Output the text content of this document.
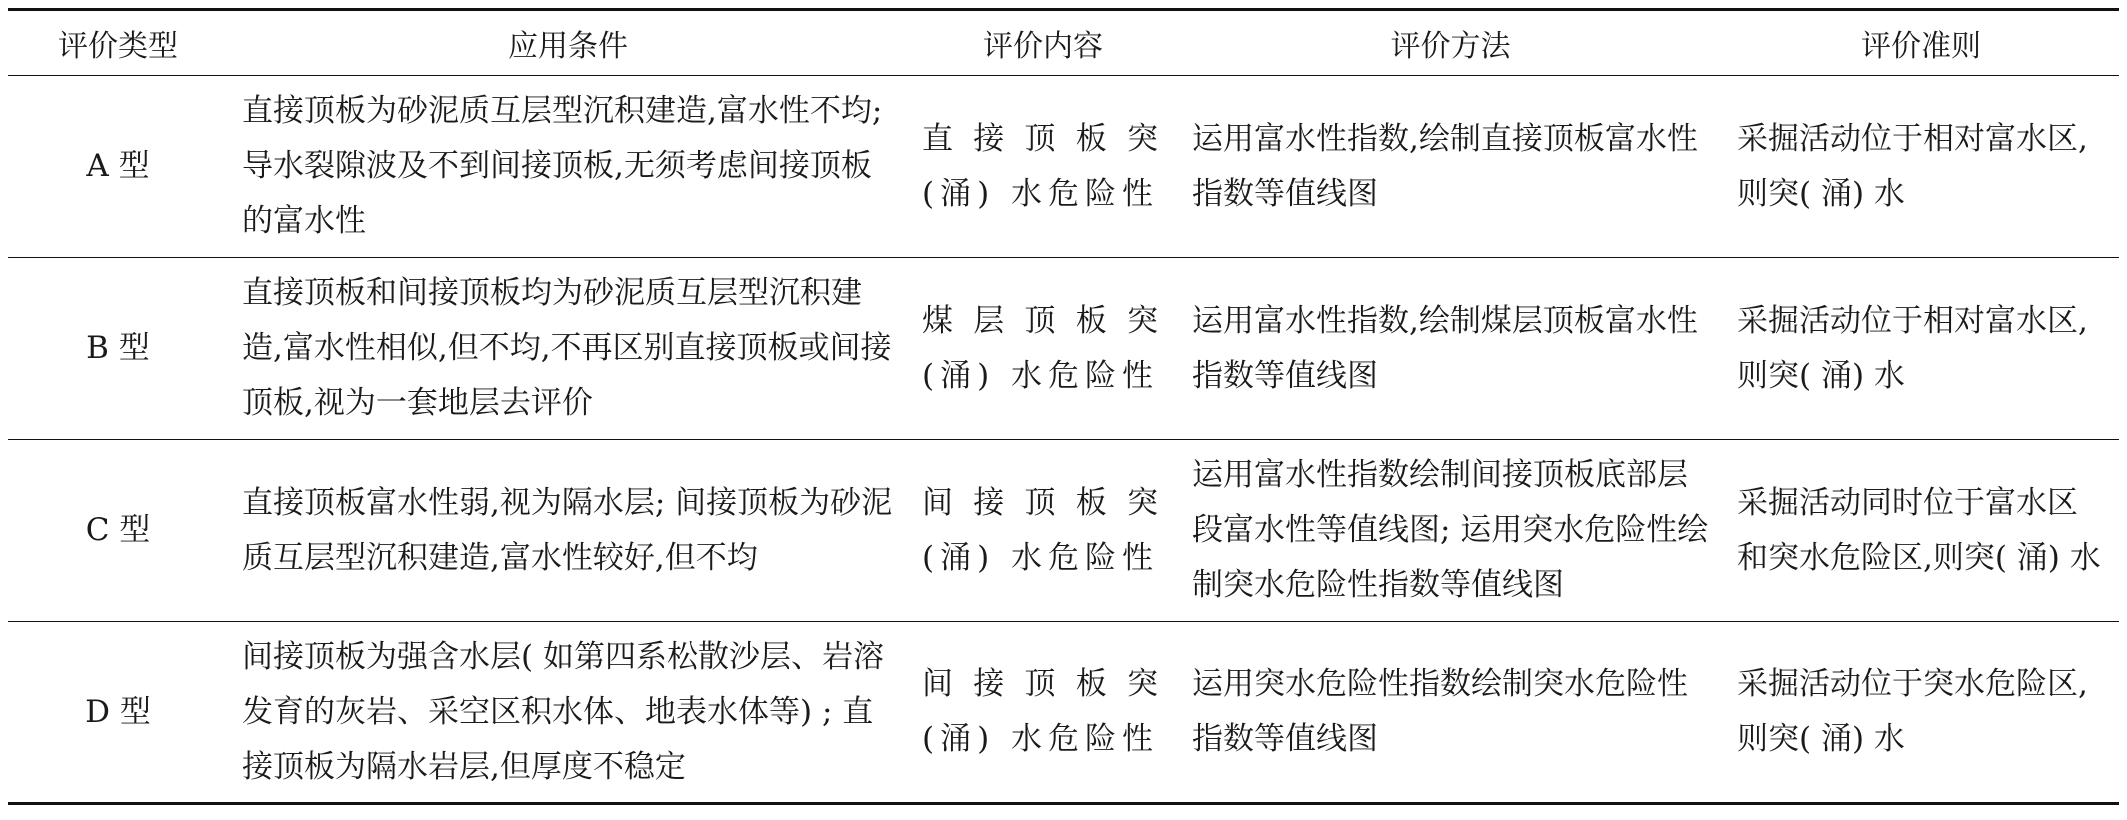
评价类型	应用条件	评价内容	评价方法	评价准则
A 型	直接顶板为砂泥质互层型沉积建造,富水性不均; 导水裂隙波及不到间接顶板,无须考虑间接顶板的富水性	直接顶板突(涌) 水危险性	运用富水性指数,绘制直接顶板富水性指数等值线图	采掘活动位于相对富水区,则突( 涌) 水
B 型	直接顶板和间接顶板均为砂泥质互层型沉积建造,富水性相似,但不均,不再区别直接顶板或间接顶板,视为一套地层去评价	煤层顶板突(涌) 水危险性	运用富水性指数,绘制煤层顶板富水性指数等值线图	采掘活动位于相对富水区,则突( 涌) 水
C 型	直接顶板富水性弱,视为隔水层; 间接顶板为砂泥质互层型沉积建造,富水性较好,但不均	间接顶板突(涌) 水危险性	运用富水性指数绘制间接顶板底部层段富水性等值线图; 运用突水危险性绘制突水危险性指数等值线图	采掘活动同时位于富水区和突水危险区,则突( 涌) 水
D 型	间接顶板为强含水层( 如第四系松散沙层、岩溶发育的灰岩、采空区积水体、地表水体等) ; 直接顶板为隔水岩层,但厚度不稳定	间接顶板突(涌) 水危险性	运用突水危险性指数绘制突水危险性指数等值线图	采掘活动位于突水危险区,则突( 涌) 水
